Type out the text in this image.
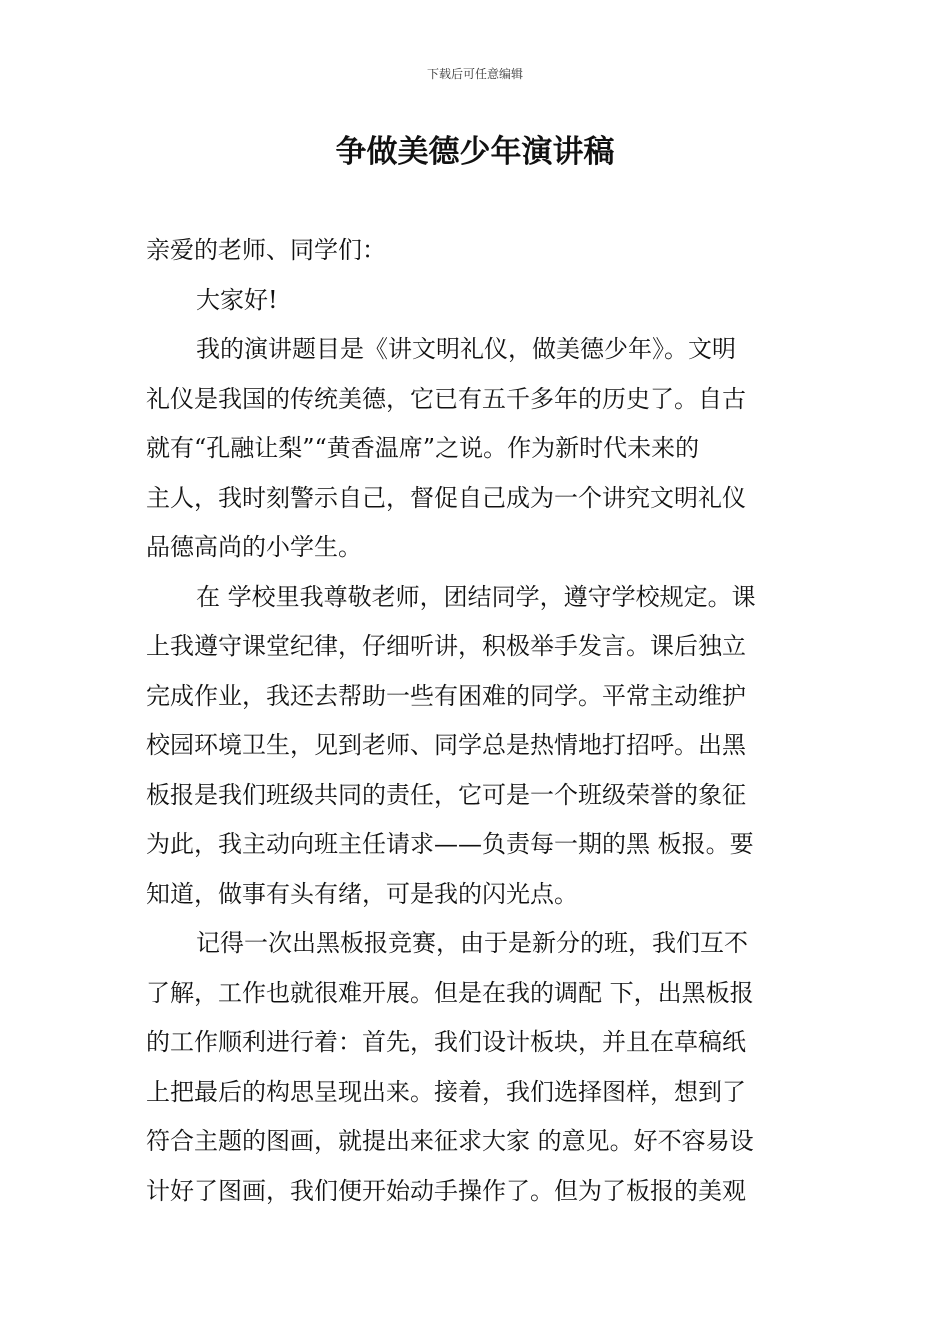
下载后可任意编辑
争做美德少年演讲稿

亲爱的老师、同学们：

大家好!

我的演讲题目是《讲文明礼仪，做美德少年》。文明
礼仪是我国的传统美德，它已有五千多年的历史了。自古
就有“孔融让梨”“黄香温席”之说。作为新时代未来的
主人，我时刻警示自己，督促自己成为一个讲究文明礼仪
品德高尚的小学生。

在 学校里我尊敬老师，团结同学，遵守学校规定。课
上我遵守课堂纪律，仔细听讲，积极举手发言。课后独立
完成作业，我还去帮助一些有困难的同学。平常主动维护
校园环境卫生，见到老师、同学总是热情地打招呼。出黑
板报是我们班级共同的责任，它可是一个班级荣誉的象征
为此，我主动向班主任请求——负责每一期的黑 板报。要
知道，做事有头有绪，可是我的闪光点。

记得一次出黑板报竞赛，由于是新分的班，我们互不
了解，工作也就很难开展。但是在我的调配 下，出黑板报
的工作顺利进行着：首先，我们设计板块，并且在草稿纸
上把最后的构思呈现出来。接着，我们选择图样，想到了
符合主题的图画，就提出来征求大家 的意见。好不容易设
计好了图画，我们便开始动手操作了。但为了板报的美观
